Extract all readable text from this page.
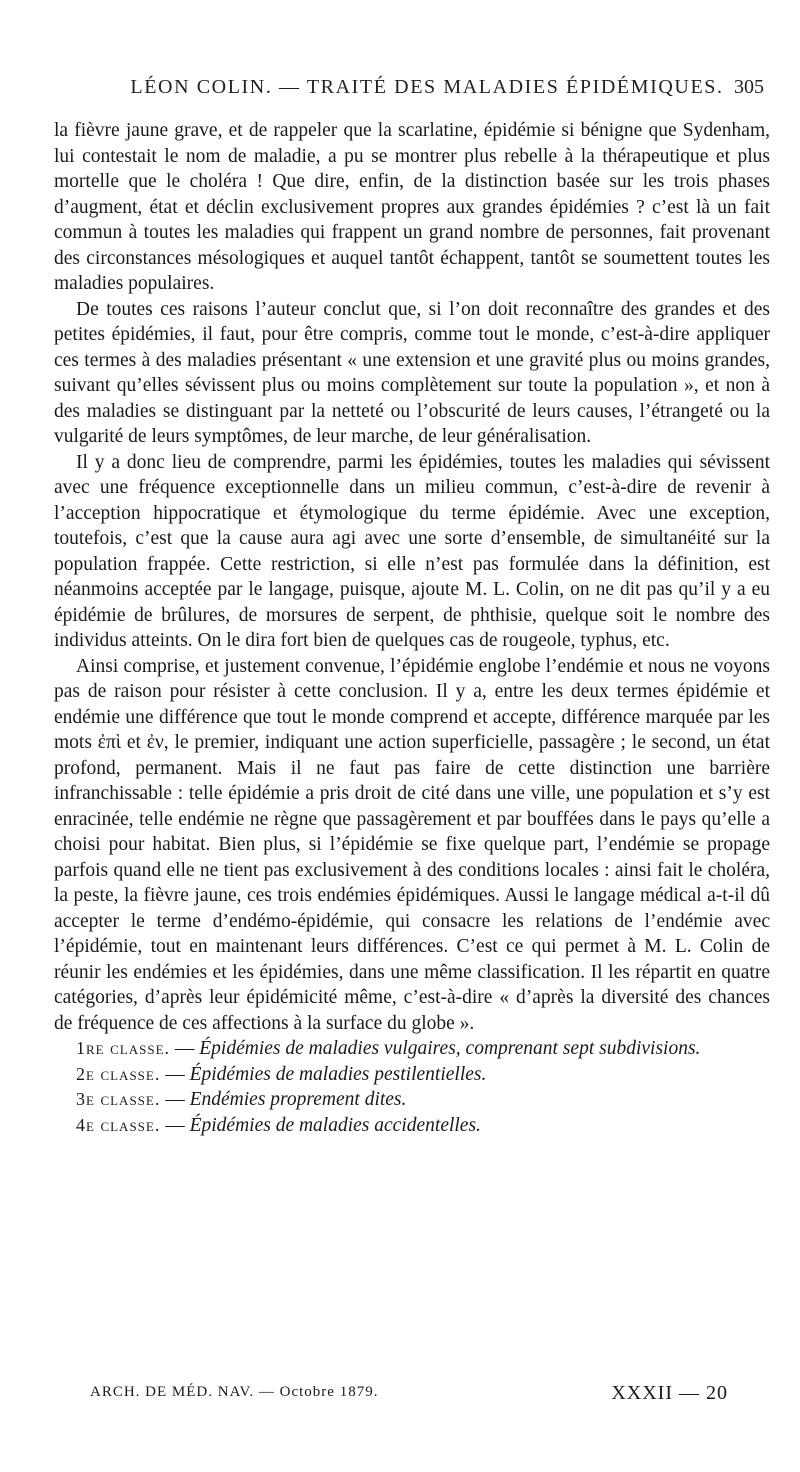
LÉON COLIN. — TRAITÉ DES MALADIES ÉPIDÉMIQUES. 305

la fièvre jaune grave, et de rappeler que la scarlatine, épidémie si bénigne que Sydenham, lui contestait le nom de maladie, a pu se montrer plus rebelle à la thérapeutique et plus mortelle que le choléra ! Que dire, enfin, de la distinction basée sur les trois phases d’augment, état et déclin exclusivement propres aux grandes épidémies ? c’est là un fait commun à toutes les maladies qui frappent un grand nombre de personnes, fait provenant des circonstances mésologiques et auquel tantôt échappent, tantôt se soumettent toutes les maladies populaires.

De toutes ces raisons l’auteur conclut que, si l’on doit reconnaître des grandes et des petites épidémies, il faut, pour être compris, comme tout le monde, c’est-à-dire appliquer ces termes à des maladies présentant « une extension et une gravité plus ou moins grandes, suivant qu’elles sévissent plus ou moins complètement sur toute la population », et non à des maladies se distinguant par la netteté ou l’obscurité de leurs causes, l’étrangeté ou la vulgarité de leurs symptômes, de leur marche, de leur généralisation.

Il y a donc lieu de comprendre, parmi les épidémies, toutes les maladies qui sévissent avec une fréquence exceptionnelle dans un milieu commun, c’est-à-dire de revenir à l’acception hippocratique et étymologique du terme épidémie. Avec une exception, toutefois, c’est que la cause aura agi avec une sorte d’ensemble, de simultanéité sur la population frappée. Cette restriction, si elle n’est pas formulée dans la définition, est néanmoins acceptée par le langage, puisque, ajoute M. L. Colin, on ne dit pas qu’il y a eu épidémie de brûlures, de morsures de serpent, de phthisie, quelque soit le nombre des individus atteints. On le dira fort bien de quelques cas de rougeole, typhus, etc.

Ainsi comprise, et justement convenue, l’épidémie englobe l’endémie et nous ne voyons pas de raison pour résister à cette conclusion. Il y a, entre les deux termes épidémie et endémie une différence que tout le monde comprend et accepte, différence marquée par les mots ἐπὶ et ἐν, le premier, indiquant une action superficielle, passagère ; le second, un état profond, permanent. Mais il ne faut pas faire de cette distinction une barrière infranchissable : telle épidémie a pris droit de cité dans une ville, une population et s’y est enracinée, telle endémie ne règne que passagèrement et par bouffées dans le pays qu’elle a choisi pour habitat. Bien plus, si l’épidémie se fixe quelque part, l’endémie se propage parfois quand elle ne tient pas exclusivement à des conditions locales : ainsi fait le choléra, la peste, la fièvre jaune, ces trois endémies épidémiques. Aussi le langage médical a-t-il dû accepter le terme d’endémo-épidémie, qui consacre les relations de l’endémie avec l’épidémie, tout en maintenant leurs différences. C’est ce qui permet à M. L. Colin de réunir les endémies et les épidémies, dans une même classification. Il les répartit en quatre catégories, d’après leur épidémicité même, c’est-à-dire « d’après la diversité des chances de fréquence de ces affections à la surface du globe ».

1re classe. — Épidémies de maladies vulgaires, comprenant sept subdivisions.

2e classe. — Épidémies de maladies pestilentielles.

3e classe. — Endémies proprement dites.

4e classe. — Épidémies de maladies accidentelles.

ARCH. DE MÉD. NAV. — Octobre 1879.	XXXII — 20
